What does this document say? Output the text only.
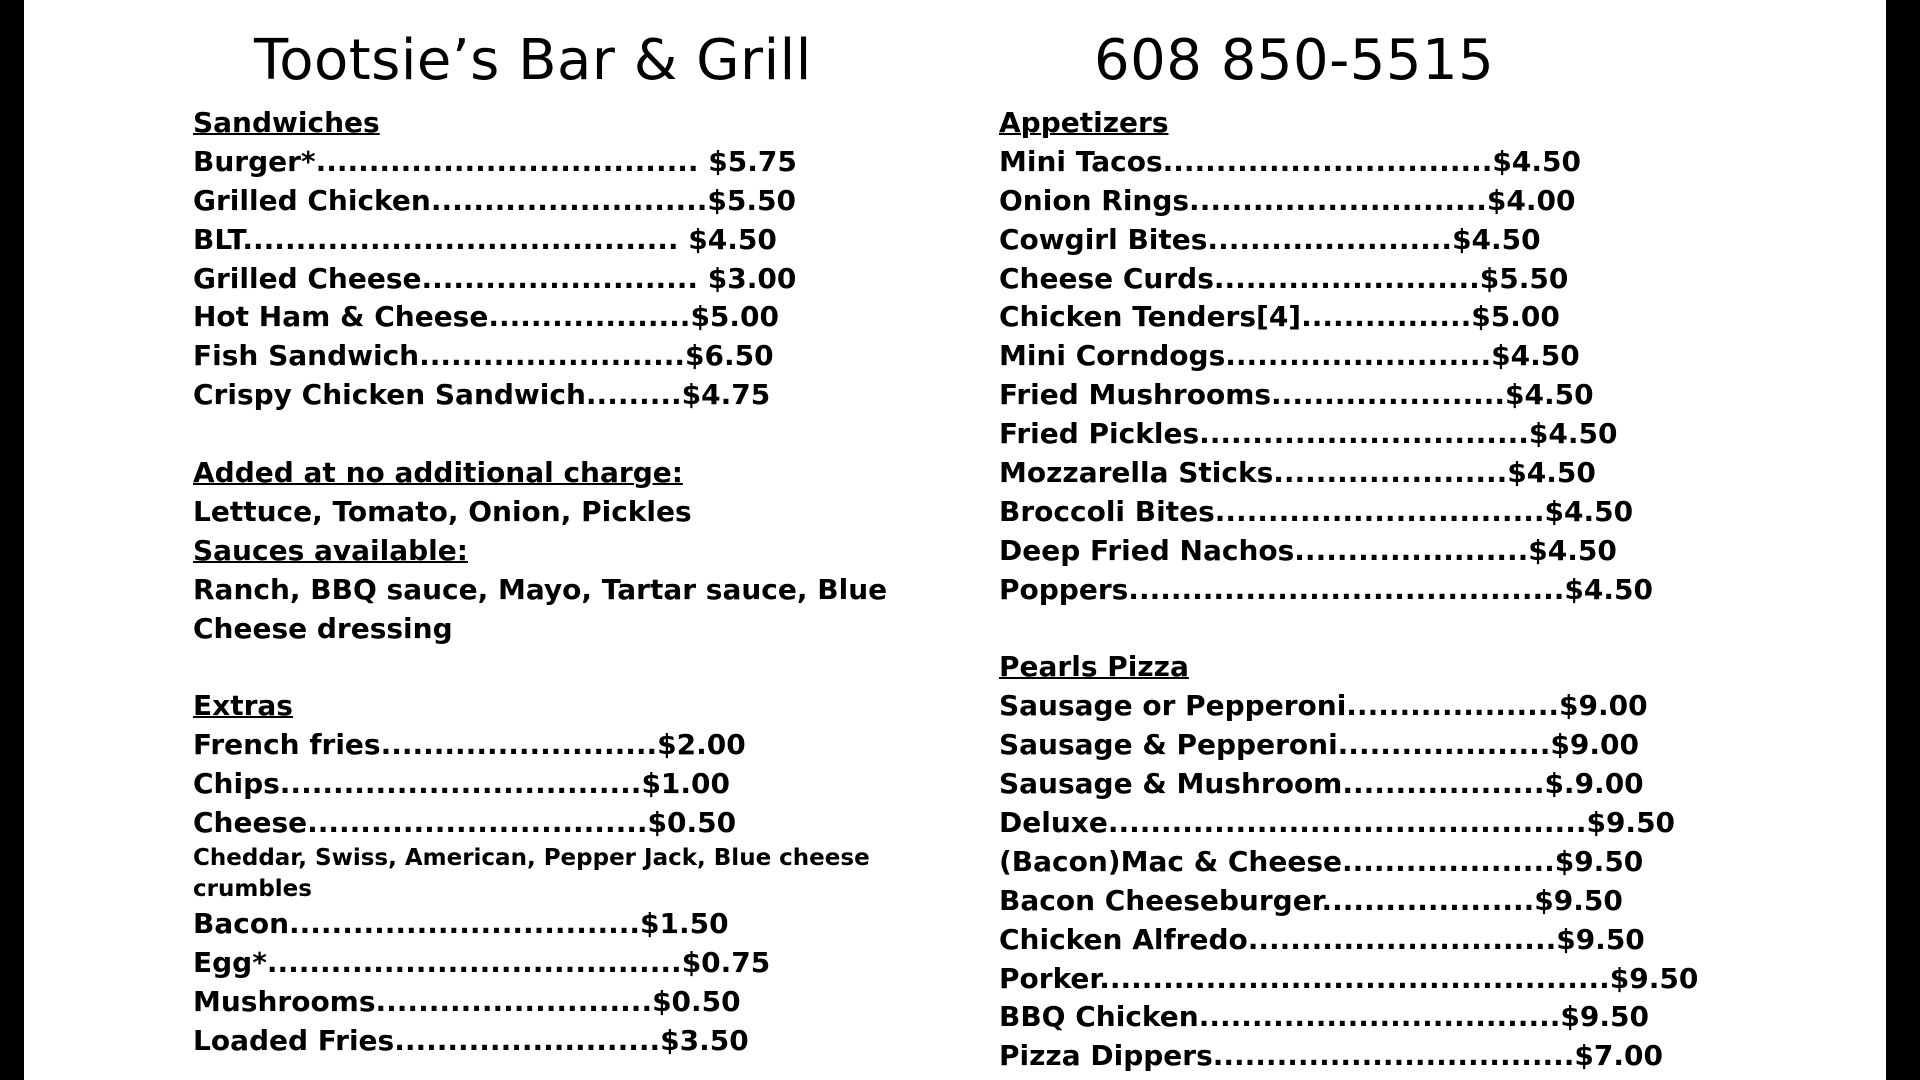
Tootsie’s Bar & Grill	608 850-5515
Sandwiches
Burger*.................................... $5.75
Grilled Chicken..........................$5.50
BLT......................................... $4.50
Grilled Cheese.......................... $3.00
Hot Ham & Cheese...................$5.00
Fish Sandwich.........................$6.50
Crispy Chicken Sandwich.........$4.75
Added at no additional charge:
Lettuce, Tomato, Onion, Pickles
Sauces available:
Ranch, BBQ sauce, Mayo, Tartar sauce, Blue Cheese dressing
Extras
French fries..........................$2.00
Chips..................................$1.00
Cheese................................$0.50
Cheddar, Swiss, American, Pepper Jack, Blue cheese crumbles
Bacon.................................$1.50
Egg*.......................................$0.75
Mushrooms..........................$0.50
Loaded Fries.........................$3.50
Appetizers
Mini Tacos...............................$4.50
Onion Rings............................$4.00
Cowgirl Bites.......................$4.50
Cheese Curds.........................$5.50
Chicken Tenders[4]................$5.00
Mini Corndogs.........................$4.50
Fried Mushrooms......................$4.50
Fried Pickles...............................$4.50
Mozzarella Sticks......................$4.50
Broccoli Bites...............................$4.50
Deep Fried Nachos......................$4.50
Poppers.........................................$4.50
Pearls Pizza
Sausage or Pepperoni....................$9.00
Sausage & Pepperoni....................$9.00
Sausage & Mushroom...................$.9.00
Deluxe.............................................$9.50
(Bacon)Mac & Cheese....................$9.50
Bacon Cheeseburger....................$9.50
Chicken Alfredo.............................$9.50
Porker................................................$9.50
BBQ Chicken..................................$9.50
Pizza Dippers..................................$7.00
